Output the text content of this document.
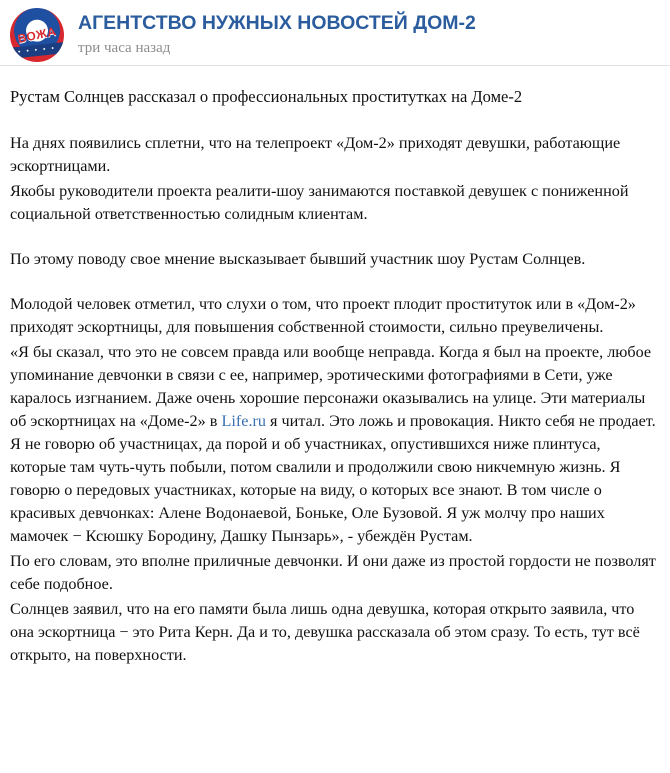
ВОЖА
• • • • •
АГЕНТСТВО НУЖНЫХ НОВОСТЕЙ ДОМ-2
три часа назад
Рустам Солнцев рассказал о профессиональных проститутках на Доме-2

На днях появились сплетни, что на телепроект «Дом-2» приходят девушки, работающие эскортницами.

Якобы руководители проекта реалити-шоу занимаются поставкой девушек с пониженной социальной ответственностью солидным клиентам.

По этому поводу свое мнение высказывает бывший участник шоу Рустам Солнцев.

Молодой человек отметил, что слухи о том, что проект плодит проституток или в «Дом-2» приходят эскортницы, для повышения собственной стоимости, сильно преувеличены.

«Я бы сказал, что это не совсем правда или вообще неправда. Когда я был на проекте, любое упоминание девчонки в связи с ее, например, эротическими фотографиями в Сети, уже каралось изгнанием. Даже очень хорошие персонажи оказывались на улице. Эти материалы об эскортницах на «Доме-2» в Life.ru я читал. Это ложь и провокация. Никто себя не продает. Я не говорю об участницах, да порой и об участниках, опустившихся ниже плинтуса, которые там чуть-чуть побыли, потом свалили и продолжили свою никчемную жизнь. Я говорю о передовых участниках, которые на виду, о которых все знают. В том числе о красивых девчонках: Алене Водонаевой, Боньке, Оле Бузовой. Я уж молчу про наших мамочек − Ксюшку Бородину, Дашку Пынзарь», - убеждён Рустам.

По его словам, это вполне приличные девчонки. И они даже из простой гордости не позволят себе подобное.

Солнцев заявил, что на его памяти была лишь одна девушка, которая открыто заявила, что она эскортница − это Рита Керн. Да и то, девушка рассказала об этом сразу. То есть, тут всё открыто, на поверхности.
